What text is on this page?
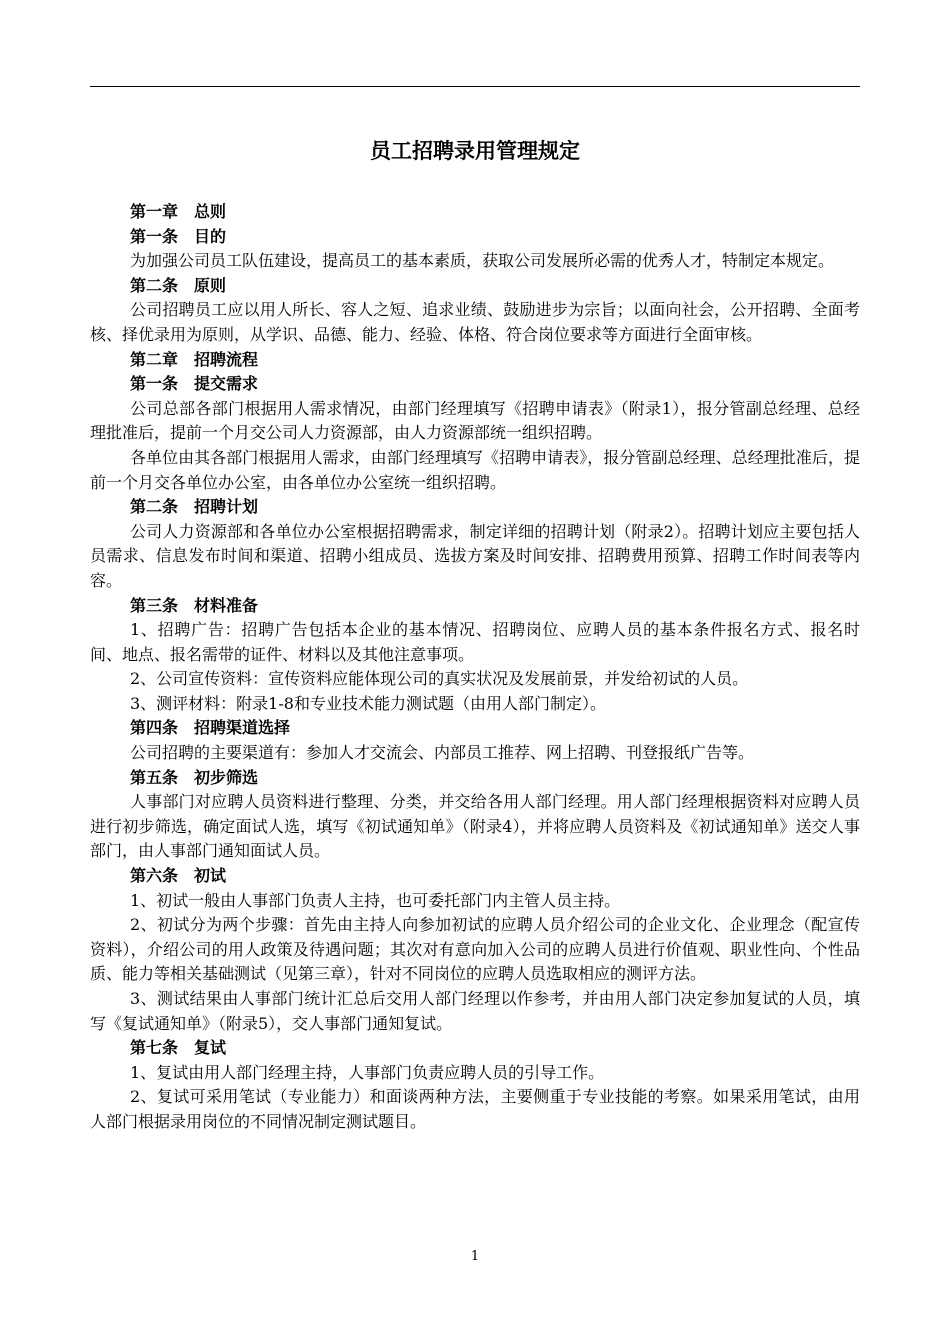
员工招聘录用管理规定

第一章　总则

第一条　目的

为加强公司员工队伍建设，提高员工的基本素质，获取公司发展所必需的优秀人才，特制定本规定。

第二条　原则

公司招聘员工应以用人所长、容人之短、追求业绩、鼓励进步为宗旨；以面向社会，公开招聘、全面考核、择优录用为原则，从学识、品德、能力、经验、体格、符合岗位要求等方面进行全面审核。

第二章　招聘流程

第一条　提交需求

公司总部各部门根据用人需求情况，由部门经理填写《招聘申请表》（附录1），报分管副总经理、总经理批准后，提前一个月交公司人力资源部，由人力资源部统一组织招聘。

各单位由其各部门根据用人需求，由部门经理填写《招聘申请表》，报分管副总经理、总经理批准后，提前一个月交各单位办公室，由各单位办公室统一组织招聘。

第二条　招聘计划

公司人力资源部和各单位办公室根据招聘需求，制定详细的招聘计划（附录2）。招聘计划应主要包括人员需求、信息发布时间和渠道、招聘小组成员、选拔方案及时间安排、招聘费用预算、招聘工作时间表等内容。

第三条　材料准备

1、招聘广告：招聘广告包括本企业的基本情况、招聘岗位、应聘人员的基本条件报名方式、报名时间、地点、报名需带的证件、材料以及其他注意事项。

2、公司宣传资料：宣传资料应能体现公司的真实状况及发展前景，并发给初试的人员。

3、测评材料：附录1-8和专业技术能力测试题（由用人部门制定）。

第四条　招聘渠道选择

公司招聘的主要渠道有：参加人才交流会、内部员工推荐、网上招聘、刊登报纸广告等。

第五条　初步筛选

人事部门对应聘人员资料进行整理、分类，并交给各用人部门经理。用人部门经理根据资料对应聘人员进行初步筛选，确定面试人选，填写《初试通知单》（附录4），并将应聘人员资料及《初试通知单》送交人事部门，由人事部门通知面试人员。

第六条　初试

1、初试一般由人事部门负责人主持，也可委托部门内主管人员主持。

2、初试分为两个步骤：首先由主持人向参加初试的应聘人员介绍公司的企业文化、企业理念（配宣传资料），介绍公司的用人政策及待遇问题；其次对有意向加入公司的应聘人员进行价值观、职业性向、个性品质、能力等相关基础测试（见第三章），针对不同岗位的应聘人员选取相应的测评方法。

3、测试结果由人事部门统计汇总后交用人部门经理以作参考，并由用人部门决定参加复试的人员，填写《复试通知单》（附录5），交人事部门通知复试。

第七条　复试

1、复试由用人部门经理主持，人事部门负责应聘人员的引导工作。

2、复试可采用笔试（专业能力）和面谈两种方法，主要侧重于专业技能的考察。如果采用笔试，由用人部门根据录用岗位的不同情况制定测试题目。

1
